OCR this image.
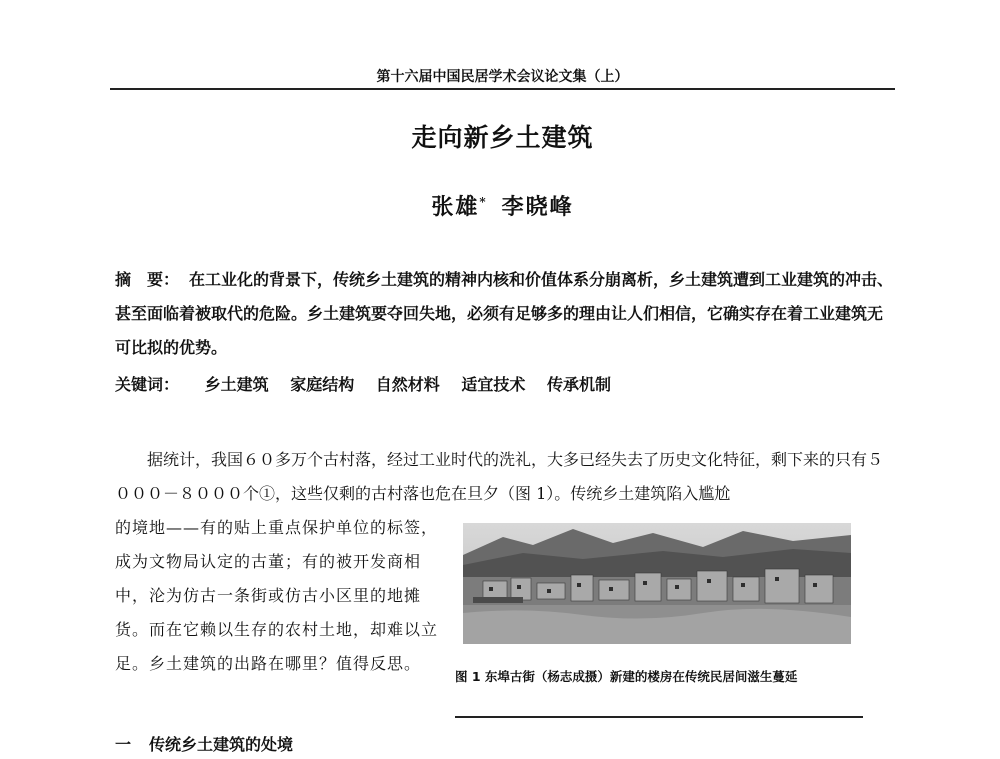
第十六届中国民居学术会议论文集（上）
走向新乡土建筑
张雄* 李晓峰
摘　要： 在工业化的背景下，传统乡土建筑的精神内核和价值体系分崩离析，乡土建筑遭到工业建筑的冲击、甚至面临着被取代的危险。乡土建筑要夺回失地，必须有足够多的理由让人们相信，它确实存在着工业建筑无可比拟的优势。
关键词： 乡土建筑 家庭结构 自然材料 适宜技术 传承机制
据统计，我国６０多万个古村落，经过工业时代的洗礼，大多已经失去了历史文化特征，剩下来的只有５０００－８０００个①，这些仅剩的古村落也危在旦夕（图 1）。传统乡土建筑陷入尴尬
的境地——有的贴上重点保护单位的标签，成为文物局认定的古董；有的被开发商相中，沦为仿古一条街或仿古小区里的地摊货。而在它赖以生存的农村土地，却难以立足。乡土建筑的出路在哪里？值得反思。
一 传统乡土建筑的处境
图 1 东埠古街（杨志成摄）新建的楼房在传统民居间滋生蔓延
